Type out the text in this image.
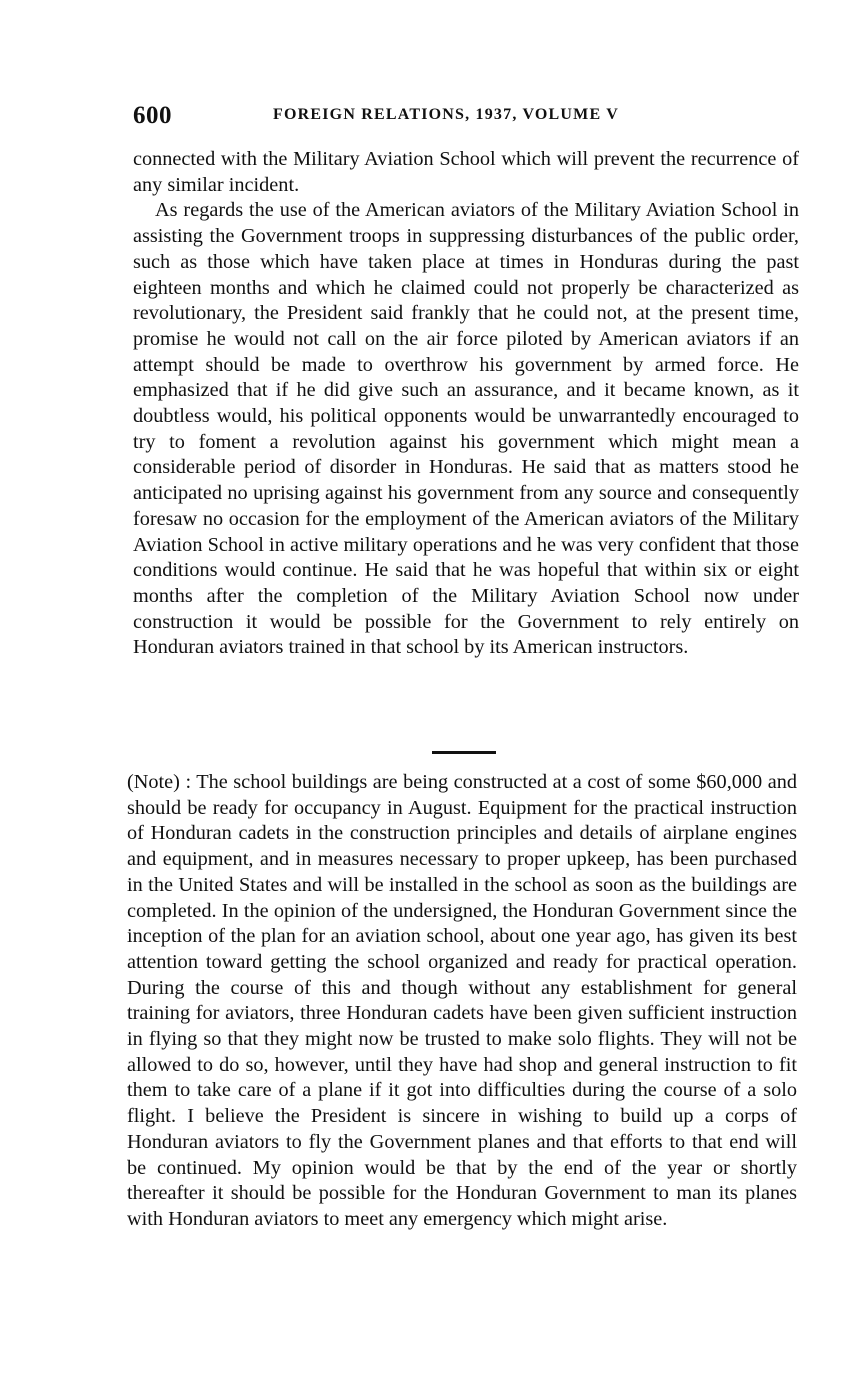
600	FOREIGN RELATIONS, 1937, VOLUME V

connected with the Military Aviation School which will prevent the recurrence of any similar incident.

As regards the use of the American aviators of the Military Aviation School in assisting the Government troops in suppressing disturbances of the public order, such as those which have taken place at times in Honduras during the past eighteen months and which he claimed could not properly be characterized as revolutionary, the President said frankly that he could not, at the present time, promise he would not call on the air force piloted by American aviators if an attempt should be made to overthrow his government by armed force. He emphasized that if he did give such an assurance, and it became known, as it doubtless would, his political opponents would be unwarrantedly encouraged to try to foment a revolution against his government which might mean a considerable period of disorder in Honduras. He said that as matters stood he anticipated no uprising against his government from any source and consequently foresaw no occasion for the employment of the American aviators of the Military Aviation School in active military operations and he was very confident that those conditions would continue. He said that he was hopeful that within six or eight months after the completion of the Military Aviation School now under construction it would be possible for the Government to rely entirely on Honduran aviators trained in that school by its American instructors.

(Note) : The school buildings are being constructed at a cost of some $60,000 and should be ready for occupancy in August. Equipment for the practical instruction of Honduran cadets in the construction principles and details of airplane engines and equipment, and in measures necessary to proper upkeep, has been purchased in the United States and will be installed in the school as soon as the buildings are completed. In the opinion of the undersigned, the Honduran Government since the inception of the plan for an aviation school, about one year ago, has given its best attention toward getting the school organized and ready for practical operation. During the course of this and though without any establishment for general training for aviators, three Honduran cadets have been given sufficient instruction in flying so that they might now be trusted to make solo flights. They will not be allowed to do so, however, until they have had shop and general instruction to fit them to take care of a plane if it got into difficulties during the course of a solo flight. I believe the President is sincere in wishing to build up a corps of Honduran aviators to fly the Government planes and that efforts to that end will be continued. My opinion would be that by the end of the year or shortly thereafter it should be possible for the Honduran Government to man its planes with Honduran aviators to meet any emergency which might arise.
